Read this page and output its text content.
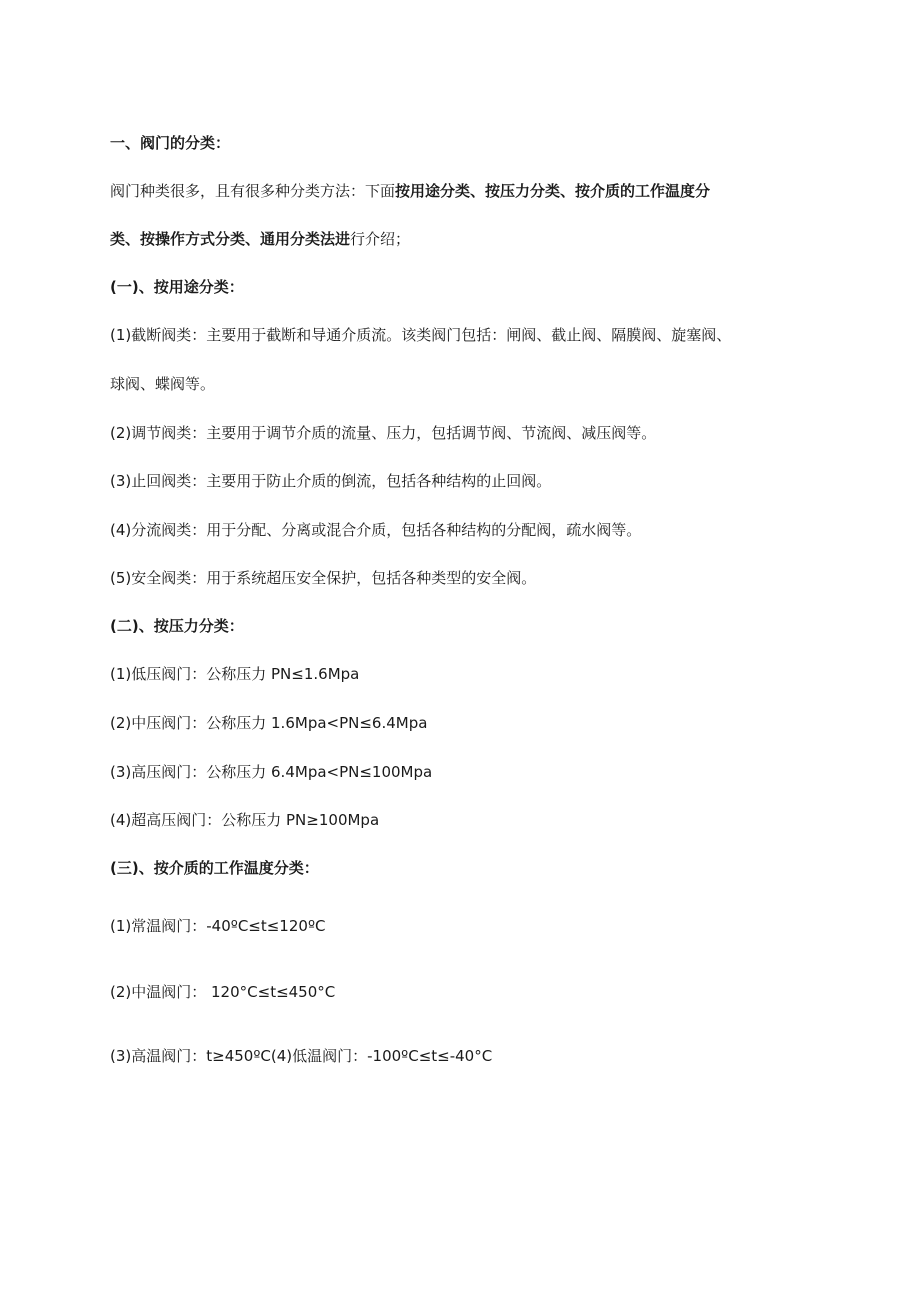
一、阀门的分类：
阀门种类很多，且有很多种分类方法：下面按用途分类、按压力分类、按介质的工作温度分
类、按操作方式分类、通用分类法进行介绍；
(一)、按用途分类：
(1)截断阀类：主要用于截断和导通介质流。该类阀门包括：闸阀、截止阀、隔膜阀、旋塞阀、
球阀、蝶阀等。
(2)调节阀类：主要用于调节介质的流量、压力，包括调节阀、节流阀、减压阀等。
(3)止回阀类：主要用于防止介质的倒流，包括各种结构的止回阀。
(4)分流阀类：用于分配、分离或混合介质，包括各种结构的分配阀，疏水阀等。
(5)安全阀类：用于系统超压安全保护，包括各种类型的安全阀。
(二)、按压力分类：
(1)低压阀门：公称压力 PN≤1.6Mpa
(2)中压阀门：公称压力 1.6Mpa<PN≤6.4Mpa
(3)高压阀门：公称压力 6.4Mpa<PN≤100Mpa
(4)超高压阀门：公称压力 PN≥100Mpa
(三)、按介质的工作温度分类：
(1)常温阀门：-40ºC≤t≤120ºC
(2)中温阀门： 120°C≤t≤450°C
(3)高温阀门：t≥450ºC(4)低温阀门：-100ºC≤t≤-40°C
